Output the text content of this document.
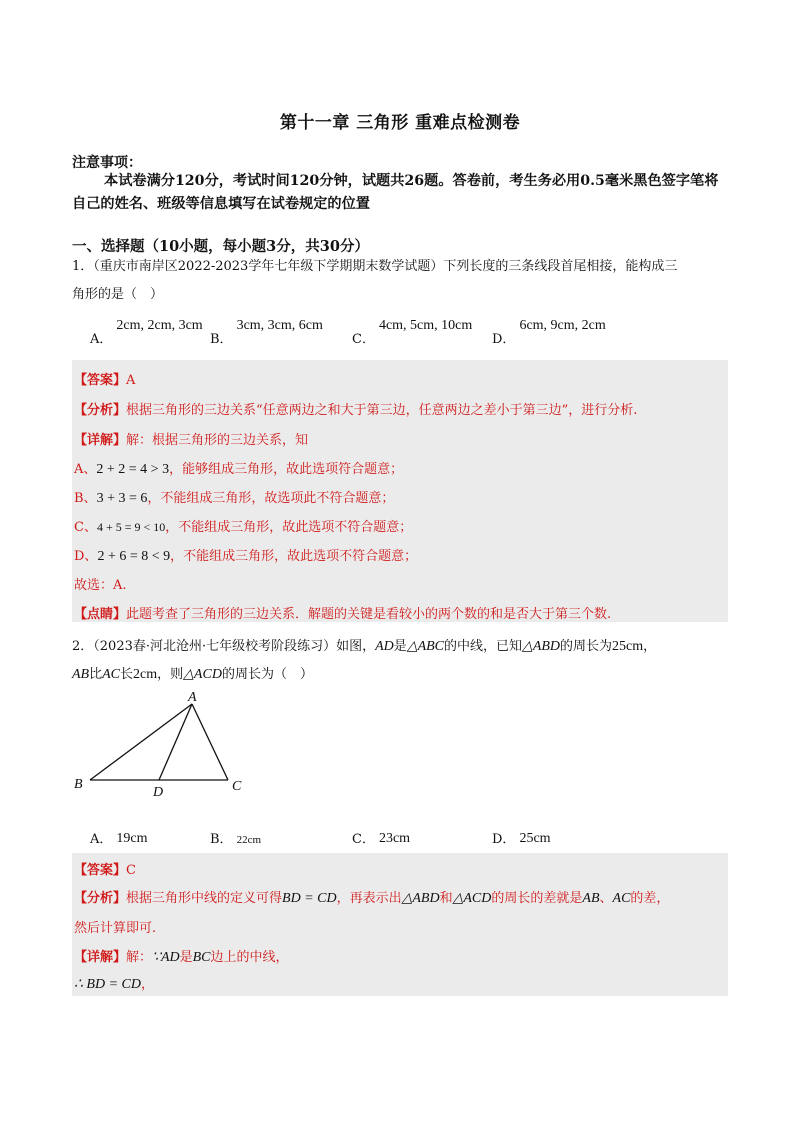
第十一章 三角形 重难点检测卷
注意事项：
本试卷满分120分，考试时间120分钟，试题共26题。答卷前，考生务必用0.5毫米黑色签字笔将自己的姓名、班级等信息填写在试卷规定的位置
一、选择题（10小题，每小题3分，共30分）
1．（重庆市南岸区2022-2023学年七年级下学期期末数学试题）下列长度的三条线段首尾相接，能构成三
角形的是（　）
A．2cm, 2cm, 3cm
B．3cm, 3cm, 6cm
C．4cm, 5cm, 10cm
D．6cm, 9cm, 2cm
【答案】A
【分析】根据三角形的三边关系“任意两边之和大于第三边，任意两边之差小于第三边”，进行分析.
【详解】解：根据三角形的三边关系，知
A、2 + 2 = 4 > 3，能够组成三角形，故此选项符合题意；
B、3 + 3 = 6，不能组成三角形，故选项此不符合题意；
C、4 + 5 = 9 < 10，不能组成三角形，故此选项不符合题意；
D、2 + 6 = 8 < 9，不能组成三角形，故此选项不符合题意；
故选：A.
【点睛】此题考查了三角形的三边关系．解题的关键是看较小的两个数的和是否大于第三个数.
2．（2023春·河北沧州·七年级校考阶段练习）如图，AD是△ABC的中线，已知△ABD的周长为25cm，
AB比AC长2cm，则△ACD的周长为（　）
A
B	C
D
A． 19cm	B． 22cm	C． 23cm	D． 25cm
【答案】C
【分析】根据三角形中线的定义可得BD = CD，再表示出△ABD和△ACD的周长的差就是AB、AC的差，
然后计算即可.
【详解】解：∵AD是BC边上的中线，
∴ BD = CD，
